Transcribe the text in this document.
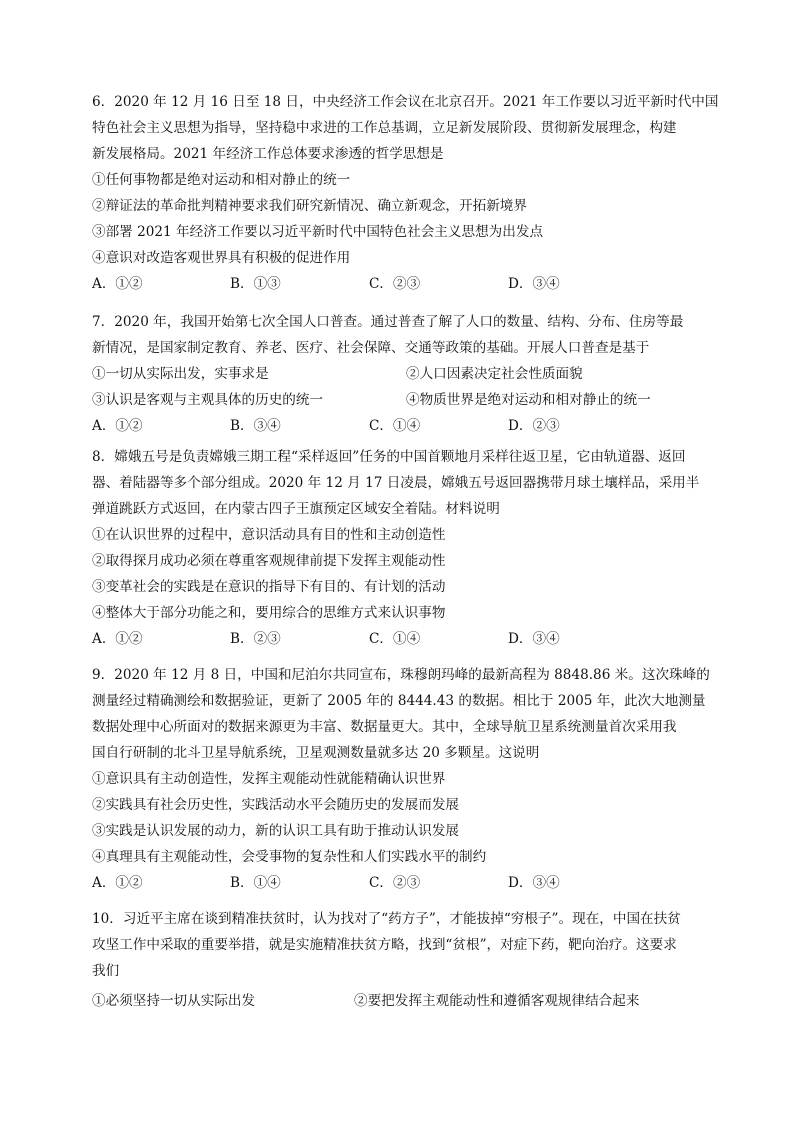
6．2020 年 12 月 16 日至 18 日，中央经济工作会议在北京召开。2021 年工作要以习近平新时代中国
特色社会主义思想为指导，坚持稳中求进的工作总基调，立足新发展阶段、贯彻新发展理念，构建
新发展格局。2021 年经济工作总体要求渗透的哲学思想是
①任何事物都是绝对运动和相对静止的统一
②辩证法的革命批判精神要求我们研究新情况、确立新观念，开拓新境界
③部署 2021 年经济工作要以习近平新时代中国特色社会主义思想为出发点
④意识对改造客观世界具有积极的促进作用
A．①②	B．①③	C．②③	D．③④
7．2020 年，我国开始第七次全国人口普查。通过普查了解了人口的数量、结构、分布、住房等最
新情况，是国家制定教育、养老、医疗、社会保障、交通等政策的基础。开展人口普查是基于
①一切从实际出发，实事求是	②人口因素决定社会性质面貌
③认识是客观与主观具体的历史的统一	④物质世界是绝对运动和相对静止的统一
A．①②	B．③④	C．①④	D．②③
8．嫦娥五号是负责嫦娥三期工程“采样返回”任务的中国首颗地月采样往返卫星，它由轨道器、返回
器、着陆器等多个部分组成。2020 年 12 月 17 日凌晨，嫦娥五号返回器携带月球土壤样品，采用半
弹道跳跃方式返回，在内蒙古四子王旗预定区域安全着陆。材料说明
①在认识世界的过程中，意识活动具有目的性和主动创造性
②取得探月成功必须在尊重客观规律前提下发挥主观能动性
③变革社会的实践是在意识的指导下有目的、有计划的活动
④整体大于部分功能之和，要用综合的思维方式来认识事物
A．①②	B．②③	C．①④	D．③④
9．2020 年 12 月 8 日，中国和尼泊尔共同宣布，珠穆朗玛峰的最新高程为 8848.86 米。这次珠峰的
测量经过精确测绘和数据验证，更新了 2005 年的 8444.43 的数据。相比于 2005 年，此次大地测量
数据处理中心所面对的数据来源更为丰富、数据量更大。其中，全球导航卫星系统测量首次采用我
国自行研制的北斗卫星导航系统，卫星观测数量就多达 20 多颗星。这说明
①意识具有主动创造性，发挥主观能动性就能精确认识世界
②实践具有社会历史性，实践活动水平会随历史的发展而发展
③实践是认识发展的动力，新的认识工具有助于推动认识发展
④真理具有主观能动性，会受事物的复杂性和人们实践水平的制约
A．①②	B．①④	C．②③	D．③④
10．习近平主席在谈到精准扶贫时，认为找对了“药方子”，才能拔掉“穷根子”。现在，中国在扶贫
攻坚工作中采取的重要举措，就是实施精准扶贫方略，找到“贫根”，对症下药，靶向治疗。这要求
我们
①必须坚持一切从实际出发	②要把发挥主观能动性和遵循客观规律结合起来
